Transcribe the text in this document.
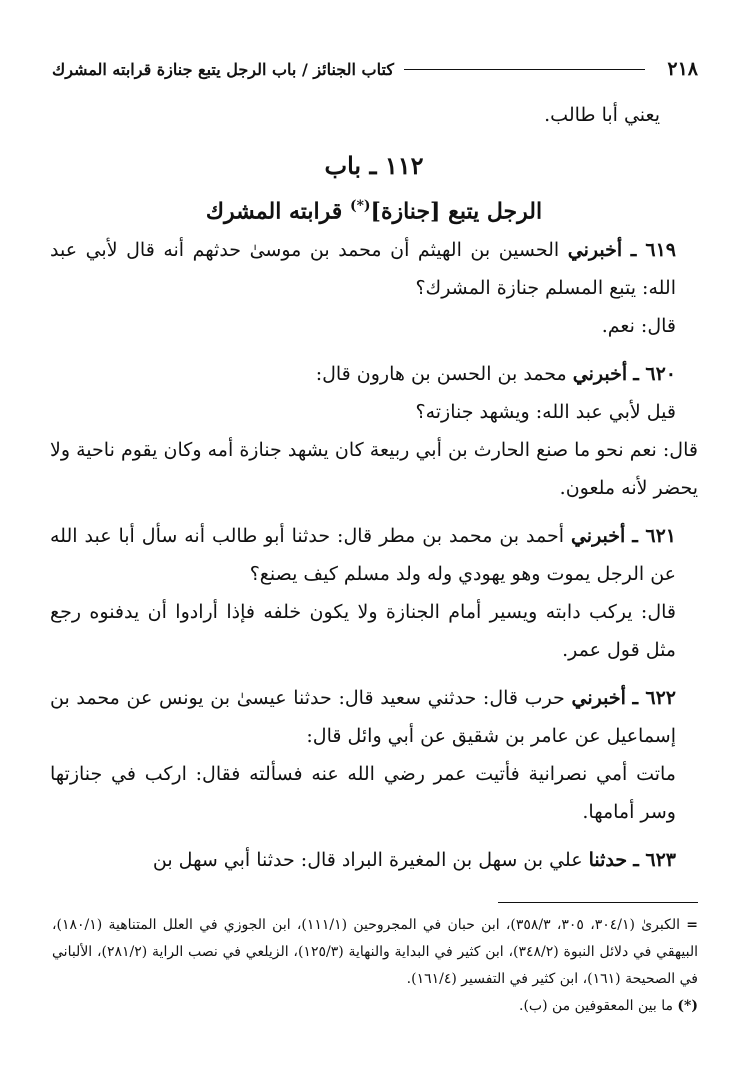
٢١٨
كتاب الجنائز / باب الرجل يتبع جنازة قرابته المشرك

يعني أبا طالب.

١١٢ ـ باب

الرجل يتبع [جنازة](*) قرابته المشرك

٦١٩ ـ أخبرني الحسين بن الهيثم أن محمد بن موسىٰ حدثهم أنه قال لأبي عبد الله: يتبع المسلم جنازة المشرك؟

قال: نعم.

٦٢٠ ـ أخبرني محمد بن الحسن بن هارون قال:

قيل لأبي عبد الله: ويشهد جنازته؟

قال: نعم نحو ما صنع الحارث بن أبي ربيعة كان يشهد جنازة أمه وكان يقوم ناحية ولا يحضر لأنه ملعون.

٦٢١ ـ أخبرني أحمد بن محمد بن مطر قال: حدثنا أبو طالب أنه سأل أبا عبد الله عن الرجل يموت وهو يهودي وله ولد مسلم كيف يصنع؟

قال: يركب دابته ويسير أمام الجنازة ولا يكون خلفه فإذا أرادوا أن يدفنوه رجع مثل قول عمر.

٦٢٢ ـ أخبرني حرب قال: حدثني سعيد قال: حدثنا عيسىٰ بن يونس عن محمد بن إسماعيل عن عامر بن شقيق عن أبي وائل قال:

ماتت أمي نصرانية فأتيت عمر رضي الله عنه فسألته فقال: اركب في جنازتها وسر أمامها.

٦٢٣ ـ حدثنا علي بن سهل بن المغيرة البراد قال: حدثنا أبي سهل بن

= الكبرىٰ (٣٠٤/١، ٣٠٥، ٣٥٨/٣)، ابن حبان في المجروحين (١١١/١)، ابن الجوزي في العلل المتناهية (١٨٠/١)، البيهقي في دلائل النبوة (٣٤٨/٢)، ابن كثير في البداية والنهاية (١٢٥/٣)، الزيلعي في نصب الراية (٢٨١/٢)، الألباني في الصحيحة (١٦١)، ابن كثير في التفسير (١٦١/٤).

(*) ما بين المعقوفين من (ب).
